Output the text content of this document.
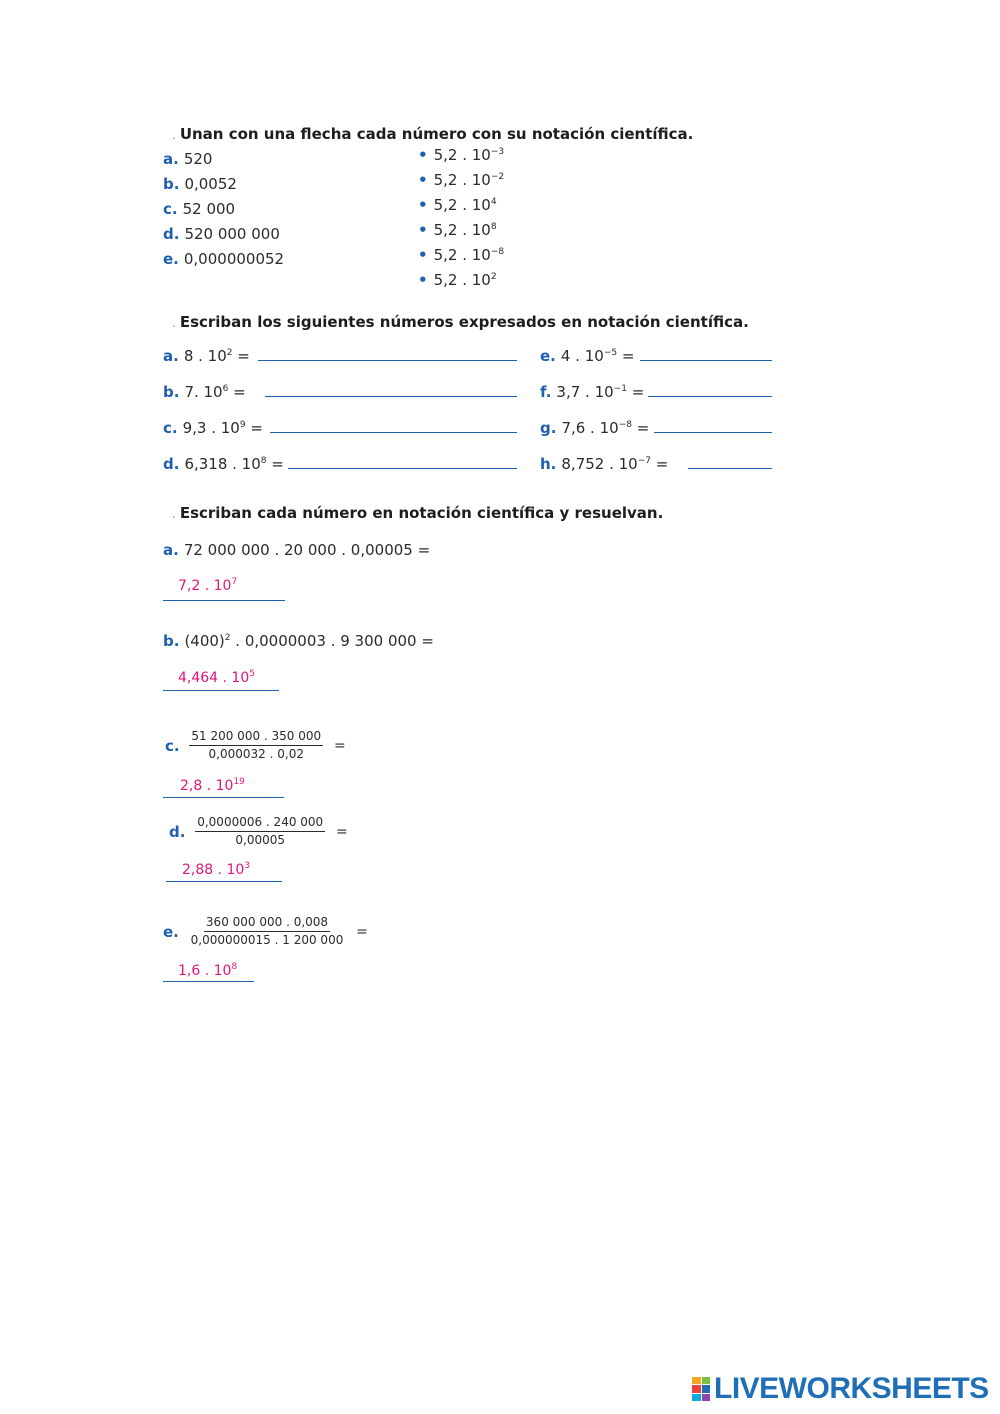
. Unan con una flecha cada número con su notación científica.
a. 520
b. 0,0052
c. 52 000
d. 520 000 000
e. 0,000000052
• 5,2 . $10^{-3}$
• 5,2 . $10^{-2}$
• 5,2 . $10^4$
• 5,2 . $10^8$
• 5,2 . $10^{-8}$
• 5,2 . $10^2$
. Escriban los siguientes números expresados en notación científica.
a. 8 . $10^2$ =
b. 7. $10^6$ =
c. 9,3 . $10^9$ =
d. 6,318 . $10^8$ =
e. 4 . $10^{-5}$ =
f. 3,7 . $10^{-1}$ =
g. 7,6 . $10^{-8}$ =
h. 8,752 . $10^{-7}$ =
. Escriban cada número en notación científica y resuelvan.
a. 72 000 000 . 20 000 . 0,00005 =
7,2 . $10^7$
b. $(400)^2$ . 0,0000003 . 9 300 000 =
4,464 . $10^5$
c. $\frac{51 200 000 . 350 000}{0,000032 . 0,02}$ =
2,8 . $10^{19}$
d. $\frac{0,0000006 . 240 000}{0,00005}$ =
2,88 . $10^3$
e. $\frac{360 000 000 . 0,008}{0,000000015 . 1 200 000}$ =
1,6 . $10^8$
LIVEWORKSHEETS
